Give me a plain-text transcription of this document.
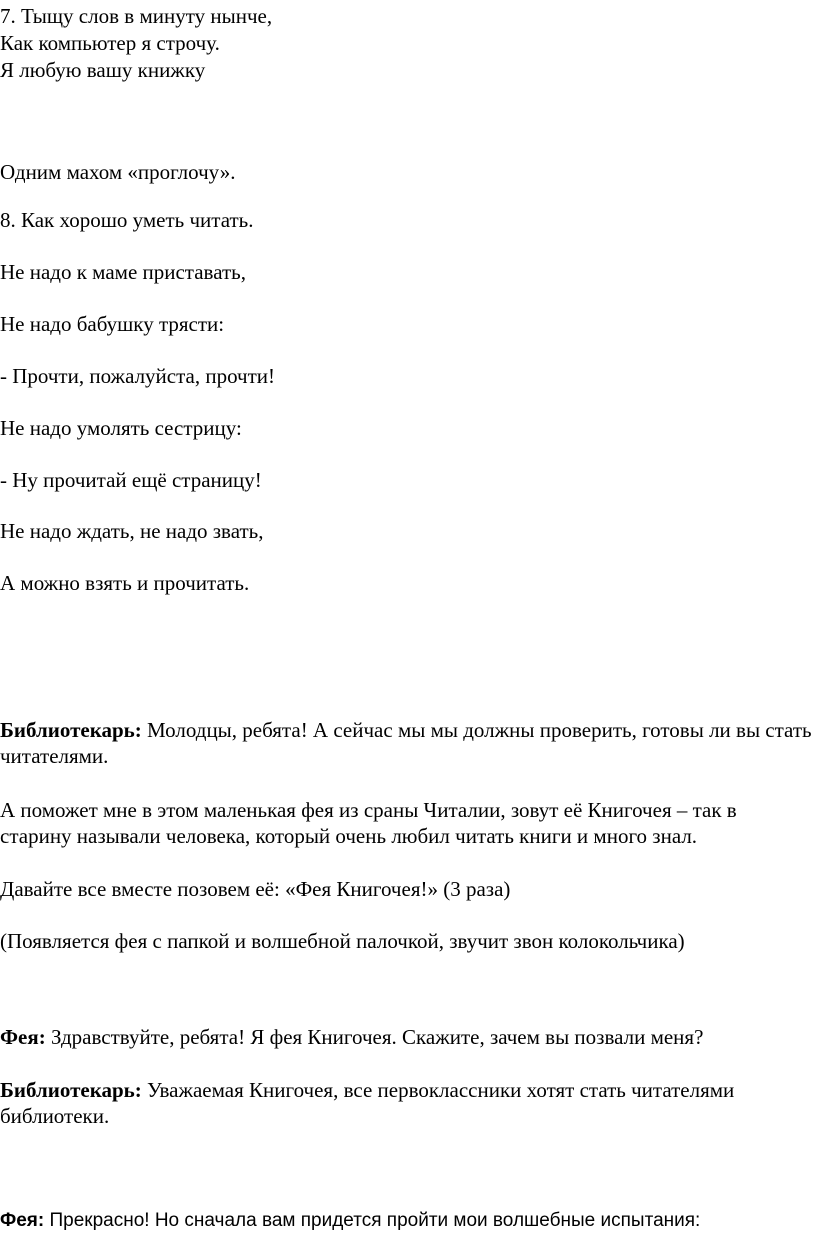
7. Тыщу слов в минуту нынче,

Как компьютер я строчу.

Я любую вашу книжку

Одним махом «проглочу».

8. Как хорошо уметь читать.

Не надо к маме приставать,

Не надо бабушку трясти:

- Прочти, пожалуйста, прочти!

Не надо умолять сестрицу:

- Ну прочитай ещё страницу!

Не надо ждать, не надо звать,

А можно взять и прочитать.

Библиотекарь: Молодцы, ребята! А сейчас мы мы должны проверить, готовы ли вы стать читателями.

А поможет мне в этом маленькая фея из сраны Читалии, зовут её Книгочея – так в старину называли человека, который очень любил читать книги и много знал.

Давайте все вместе позовем её: «Фея Книгочея!» (3 раза)

(Появляется фея с папкой и волшебной палочкой, звучит звон колокольчика)

Фея: Здравствуйте, ребята! Я фея Книгочея. Скажите, зачем вы позвали меня?

Библиотекарь: Уважаемая Книгочея, все первоклассники хотят стать читателями библиотеки.

Фея: Прекрасно! Но сначала вам придется пройти мои волшебные испытания:
